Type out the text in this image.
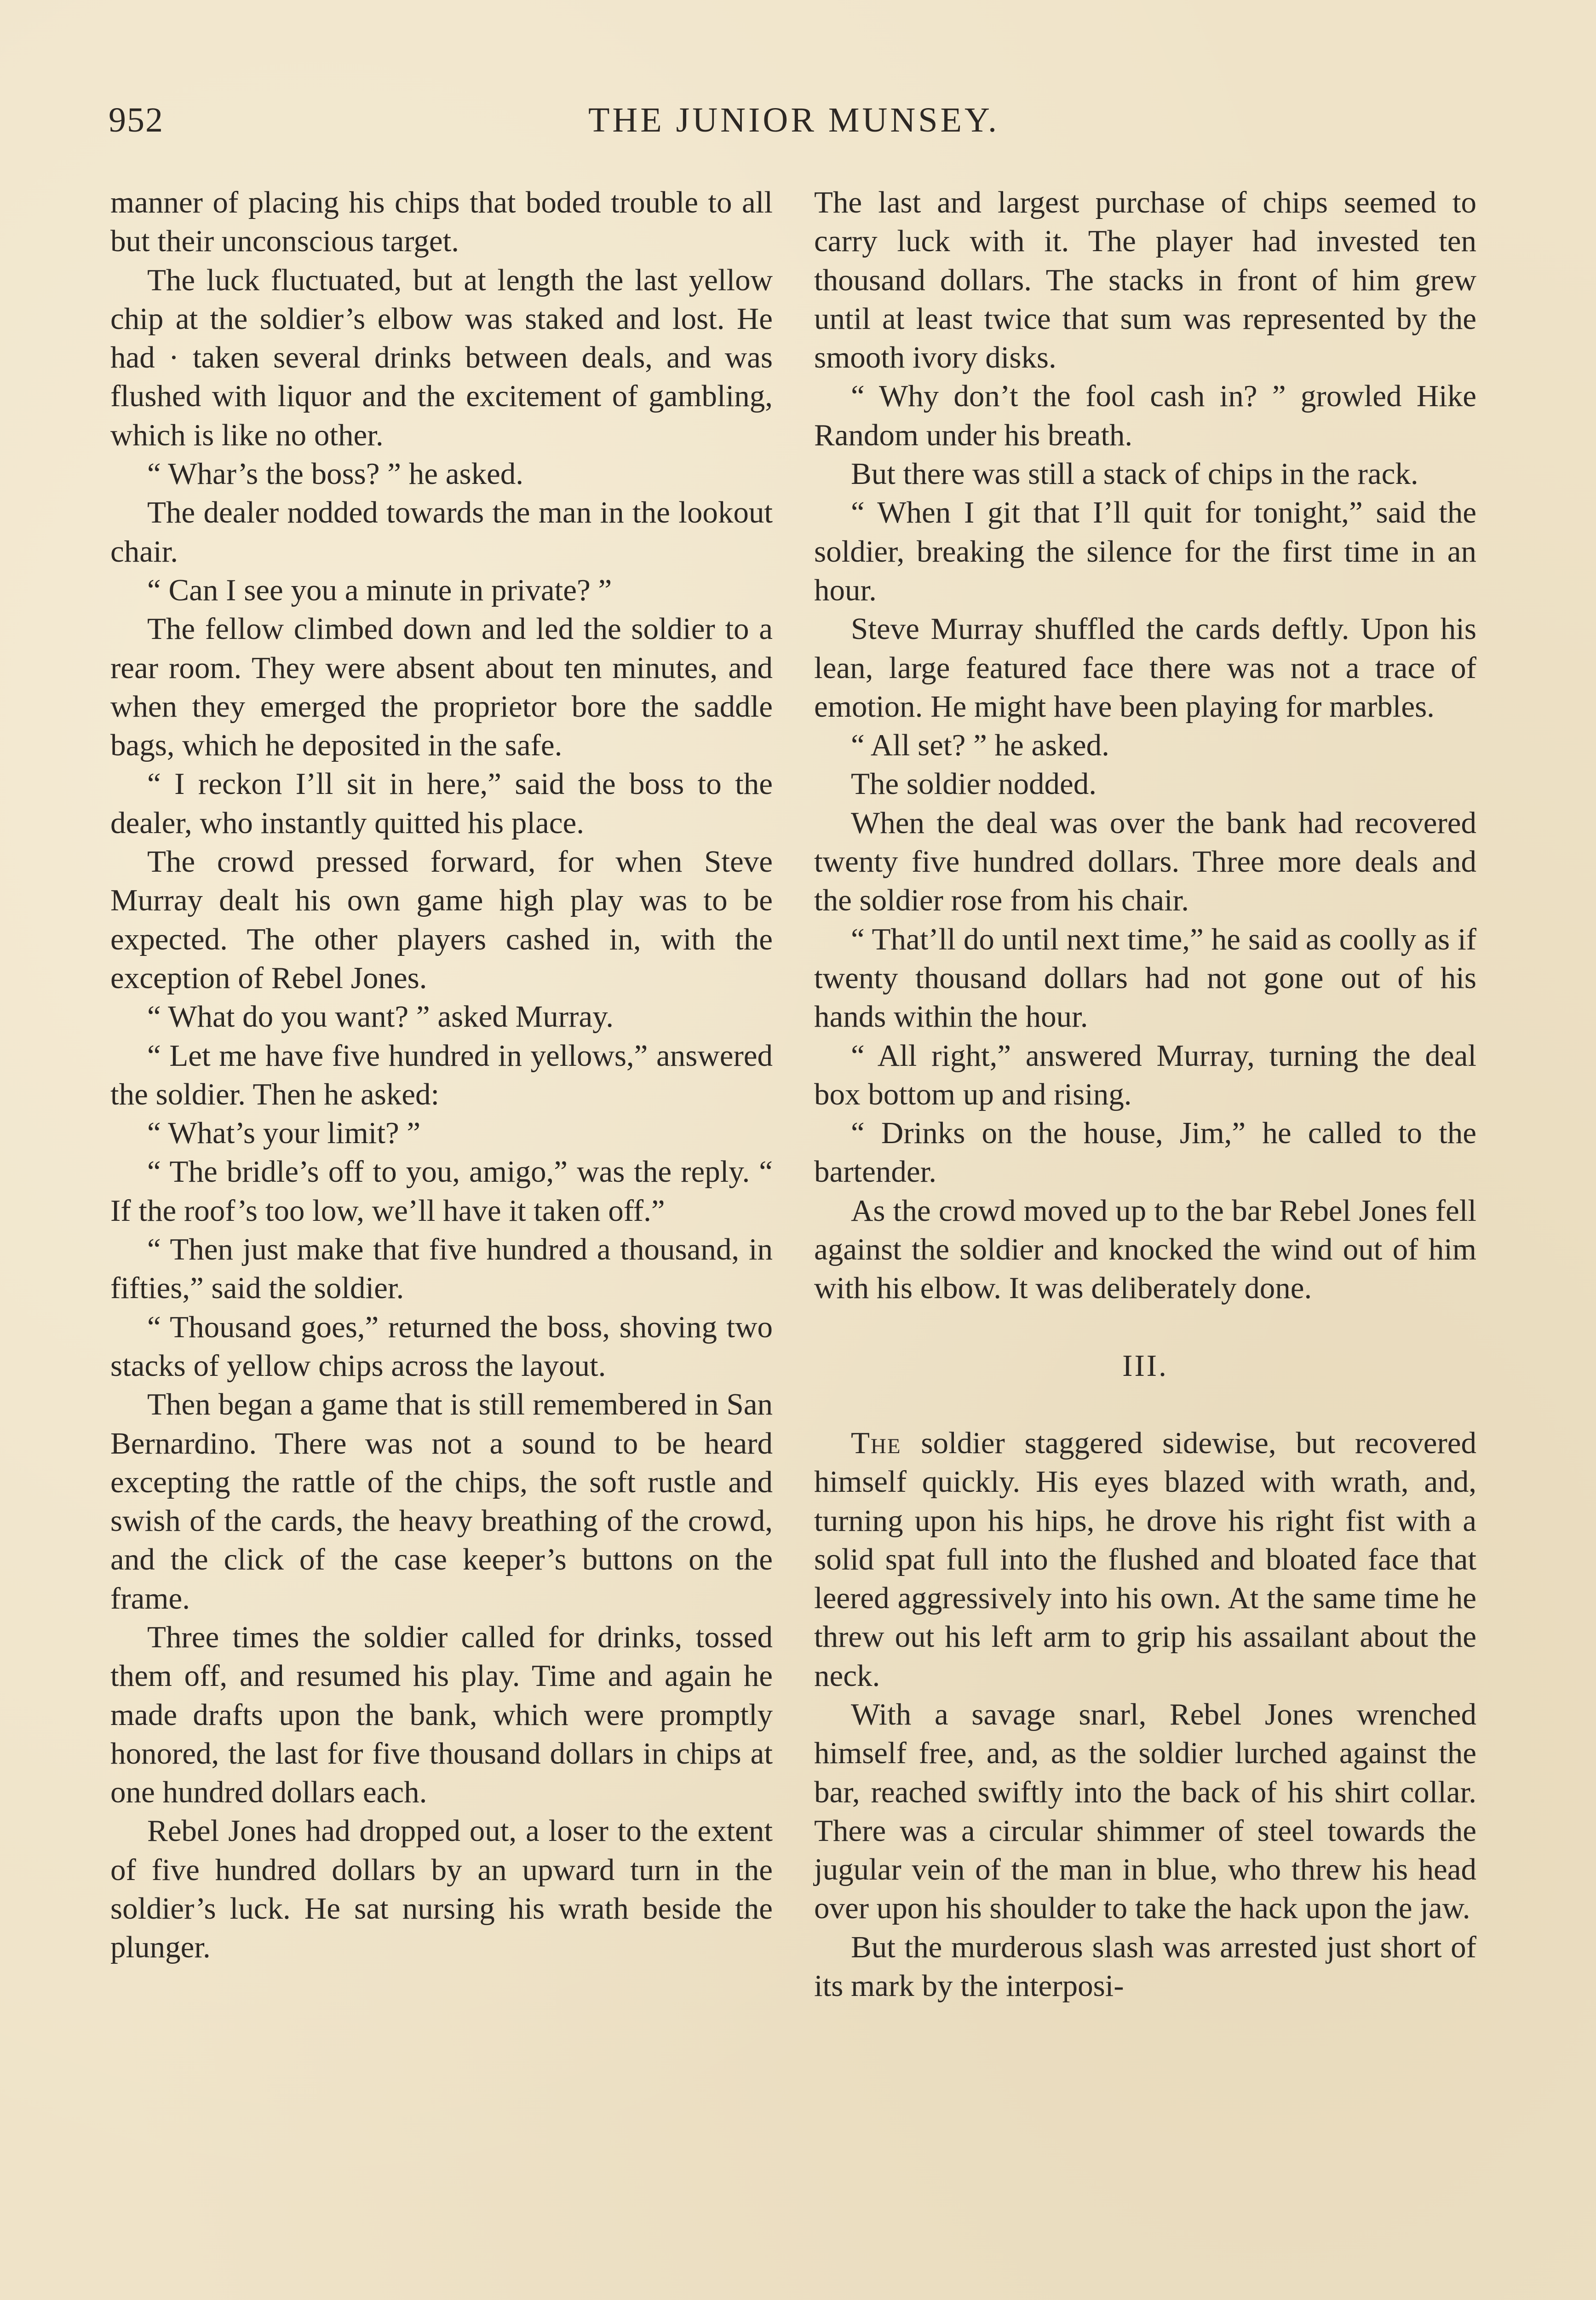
952	THE JUNIOR MUNSEY.

manner of placing his chips that boded trouble to all but their unconscious target.

The luck fluctuated, but at length the last yellow chip at the soldier’s elbow was staked and lost. He had · taken several drinks between deals, and was flushed with liquor and the excitement of gambling, which is like no other.

“ Whar’s the boss? ” he asked.

The dealer nodded towards the man in the lookout chair.

“ Can I see you a minute in private? ”

The fellow climbed down and led the soldier to a rear room. They were absent about ten minutes, and when they emerged the proprietor bore the saddle bags, which he deposited in the safe.

“ I reckon I’ll sit in here,” said the boss to the dealer, who instantly quitted his place.

The crowd pressed forward, for when Steve Murray dealt his own game high play was to be expected. The other players cashed in, with the exception of Rebel Jones.

“ What do you want? ” asked Murray.

“ Let me have five hundred in yellows,” answered the soldier. Then he asked:

“ What’s your limit? ”

“ The bridle’s off to you, amigo,” was the reply. “ If the roof’s too low, we’ll have it taken off.”

“ Then just make that five hundred a thousand, in fifties,” said the soldier.

“ Thousand goes,” returned the boss, shoving two stacks of yellow chips across the layout.

Then began a game that is still remembered in San Bernardino. There was not a sound to be heard excepting the rattle of the chips, the soft rustle and swish of the cards, the heavy breathing of the crowd, and the click of the case keeper’s buttons on the frame.

Three times the soldier called for drinks, tossed them off, and resumed his play. Time and again he made drafts upon the bank, which were promptly honored, the last for five thousand dollars in chips at one hundred dollars each.

Rebel Jones had dropped out, a loser to the extent of five hundred dollars by an upward turn in the soldier’s luck. He sat nursing his wrath beside the plunger.

The last and largest purchase of chips seemed to carry luck with it. The player had invested ten thousand dollars. The stacks in front of him grew until at least twice that sum was represented by the smooth ivory disks.

“ Why don’t the fool cash in? ” growled Hike Random under his breath.

But there was still a stack of chips in the rack.

“ When I git that I’ll quit for tonight,” said the soldier, breaking the silence for the first time in an hour.

Steve Murray shuffled the cards deftly. Upon his lean, large featured face there was not a trace of emotion. He might have been playing for marbles.

“ All set? ” he asked.

The soldier nodded.

When the deal was over the bank had recovered twenty five hundred dollars. Three more deals and the soldier rose from his chair.

“ That’ll do until next time,” he said as coolly as if twenty thousand dollars had not gone out of his hands within the hour.

“ All right,” answered Murray, turning the deal box bottom up and rising.

“ Drinks on the house, Jim,” he called to the bartender.

As the crowd moved up to the bar Rebel Jones fell against the soldier and knocked the wind out of him with his elbow. It was deliberately done.

III.

The soldier staggered sidewise, but recovered himself quickly. His eyes blazed with wrath, and, turning upon his hips, he drove his right fist with a solid spat full into the flushed and bloated face that leered aggressively into his own. At the same time he threw out his left arm to grip his assailant about the neck.

With a savage snarl, Rebel Jones wrenched himself free, and, as the soldier lurched against the bar, reached swiftly into the back of his shirt collar. There was a circular shimmer of steel towards the jugular vein of the man in blue, who threw his head over upon his shoulder to take the hack upon the jaw.

But the murderous slash was arrested just short of its mark by the interposi-
